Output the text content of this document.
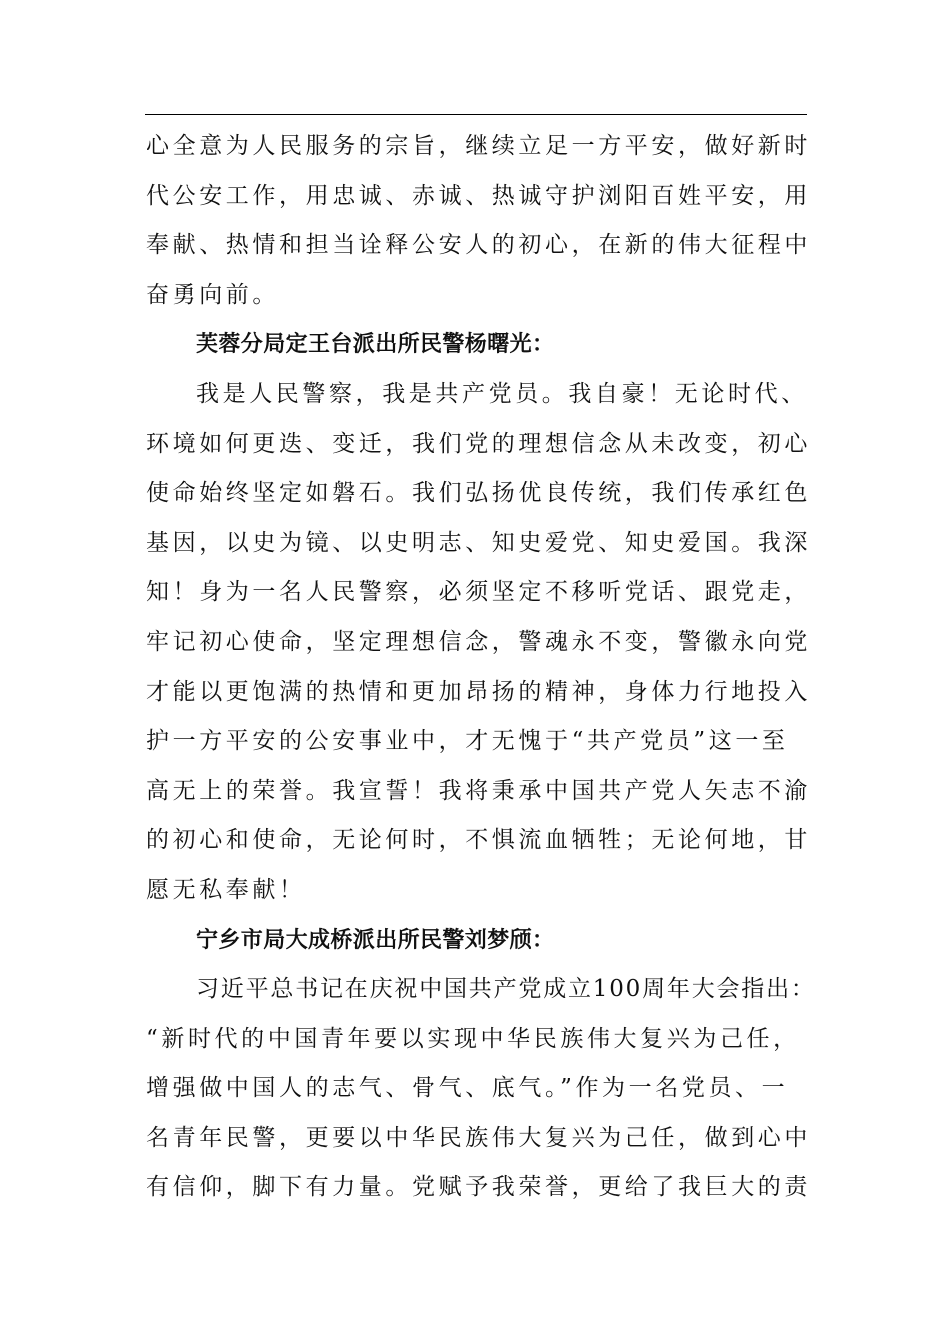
心全意为人民服务的宗旨，继续立足一方平安，做好新时
代公安工作，用忠诚、赤诚、热诚守护浏阳百姓平安，用
奉献、热情和担当诠释公安人的初心，在新的伟大征程中
奋勇向前。
芙蓉分局定王台派出所民警杨曙光：
我是人民警察，我是共产党员。我自豪！无论时代、
环境如何更迭、变迁，我们党的理想信念从未改变，初心
使命始终坚定如磐石。我们弘扬优良传统，我们传承红色
基因，以史为镜、以史明志、知史爱党、知史爱国。我深
知！身为一名人民警察，必须坚定不移听党话、跟党走，
牢记初心使命，坚定理想信念，警魂永不变，警徽永向党
才能以更饱满的热情和更加昂扬的精神，身体力行地投入
护一方平安的公安事业中，才无愧于“共产党员”这一至
高无上的荣誉。我宣誓！我将秉承中国共产党人矢志不渝
的初心和使命，无论何时，不惧流血牺牲；无论何地，甘
愿无私奉献！
宁乡市局大成桥派出所民警刘梦颀：
习近平总书记在庆祝中国共产党成立100周年大会指出：
“新时代的中国青年要以实现中华民族伟大复兴为己任，
增强做中国人的志气、骨气、底气。”作为一名党员、一
名青年民警，更要以中华民族伟大复兴为己任，做到心中
有信仰，脚下有力量。党赋予我荣誉，更给了我巨大的责
